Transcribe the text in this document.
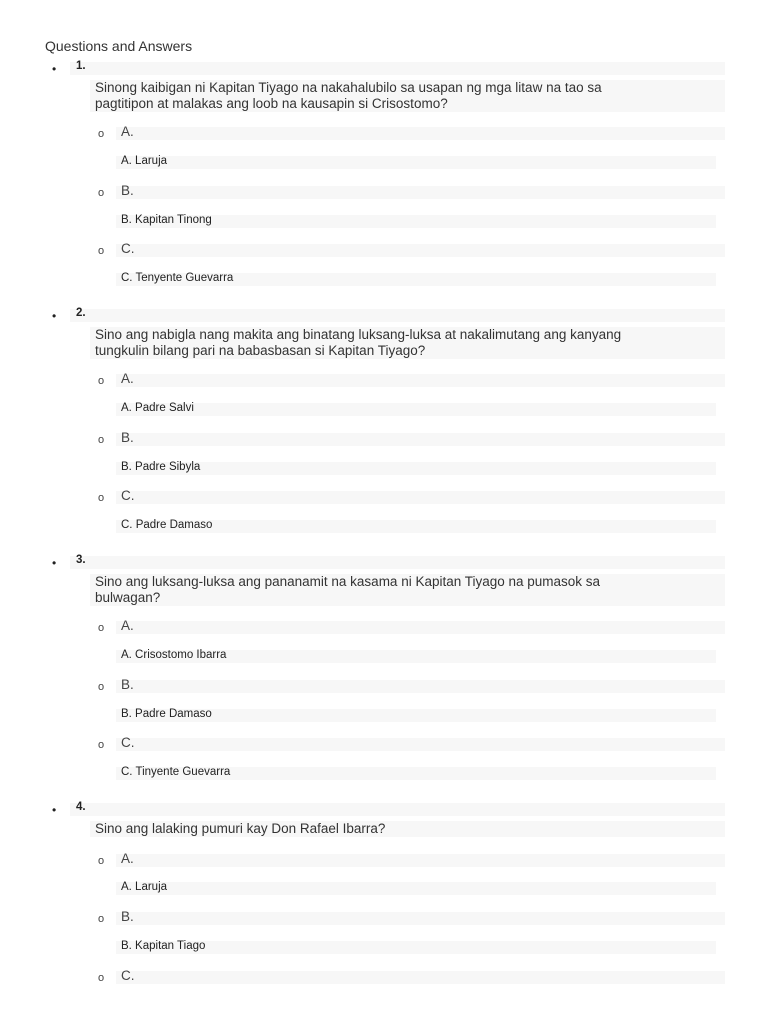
Questions and Answers
• 1.
Sinong kaibigan ni Kapitan Tiyago na nakahalubilo sa usapan ng mga litaw na tao sa
pagtitipon at malakas ang loob na kausapin si Crisostomo?
o A.
A. Laruja
o B.
B. Kapitan Tinong
o C.
C. Tenyente Guevarra
• 2.
Sino ang nabigla nang makita ang binatang luksang-luksa at nakalimutang ang kanyang
tungkulin bilang pari na babasbasan si Kapitan Tiyago?
o A.
A. Padre Salvi
o B.
B. Padre Sibyla
o C.
C. Padre Damaso
• 3.
Sino ang luksang-luksa ang pananamit na kasama ni Kapitan Tiyago na pumasok sa
bulwagan?
o A.
A. Crisostomo Ibarra
o B.
B. Padre Damaso
o C.
C. Tinyente Guevarra
• 4.
Sino ang lalaking pumuri kay Don Rafael Ibarra?
o A.
A. Laruja
o B.
B. Kapitan Tiago
o C.
